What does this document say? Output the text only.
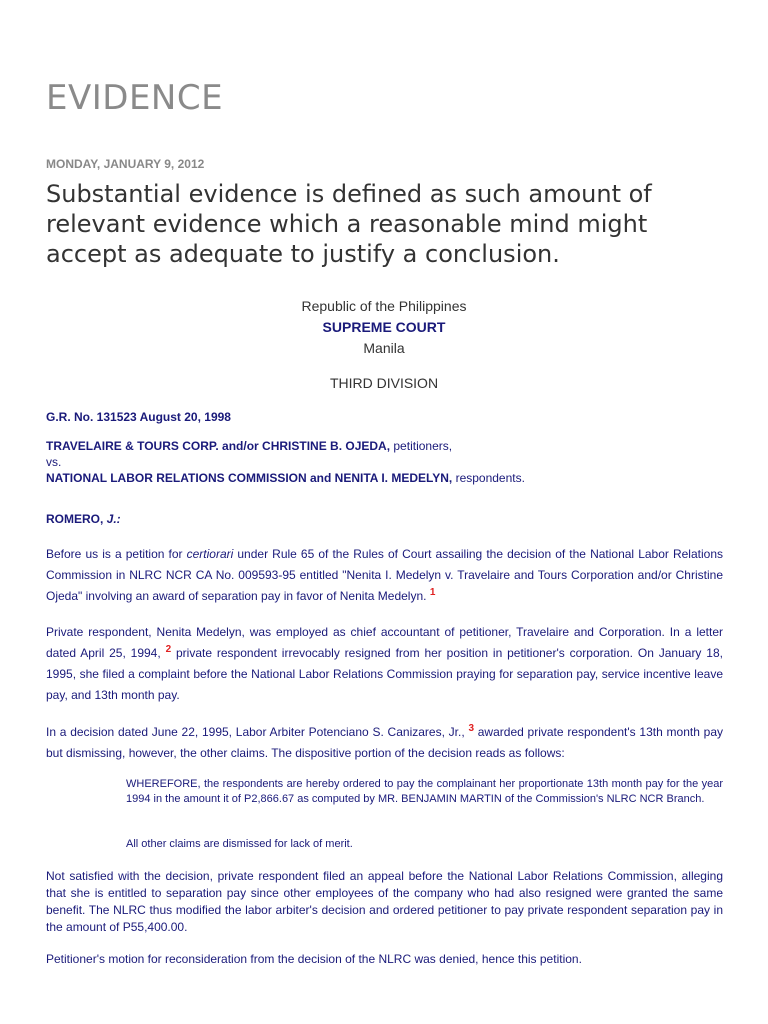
EVIDENCE
MONDAY, JANUARY 9, 2012
Substantial evidence is defined as such amount of relevant evidence which a reasonable mind might accept as adequate to justify a conclusion.
Republic of the Philippines
SUPREME COURT
Manila
THIRD DIVISION
G.R. No. 131523 August 20, 1998
TRAVELAIRE & TOURS CORP. and/or CHRISTINE B. OJEDA, petitioners,
vs.
NATIONAL LABOR RELATIONS COMMISSION and NENITA I. MEDELYN, respondents.
ROMERO, J.:
Before us is a petition for certiorari under Rule 65 of the Rules of Court assailing the decision of the National Labor Relations Commission in NLRC NCR CA No. 009593-95 entitled "Nenita I. Medelyn v. Travelaire and Tours Corporation and/or Christine Ojeda" involving an award of separation pay in favor of Nenita Medelyn. $^1$
Private respondent, Nenita Medelyn, was employed as chief accountant of petitioner, Travelaire and Corporation. In a letter dated April 25, 1994, $^2$ private respondent irrevocably resigned from her position in petitioner's corporation. On January 18, 1995, she filed a complaint before the National Labor Relations Commission praying for separation pay, service incentive leave pay, and 13th month pay.
In a decision dated June 22, 1995, Labor Arbiter Potenciano S. Canizares, Jr., $^3$ awarded private respondent's 13th month pay but dismissing, however, the other claims. The dispositive portion of the decision reads as follows:
WHEREFORE, the respondents are hereby ordered to pay the complainant her proportionate 13th month pay for the year 1994 in the amount it of P2,866.67 as computed by MR. BENJAMIN MARTIN of the Commission's NLRC NCR Branch.
All other claims are dismissed for lack of merit.
Not satisfied with the decision, private respondent filed an appeal before the National Labor Relations Commission, alleging that she is entitled to separation pay since other employees of the company who had also resigned were granted the same benefit. The NLRC thus modified the labor arbiter's decision and ordered petitioner to pay private respondent separation pay in the amount of P55,400.00.
Petitioner's motion for reconsideration from the decision of the NLRC was denied, hence this petition.
